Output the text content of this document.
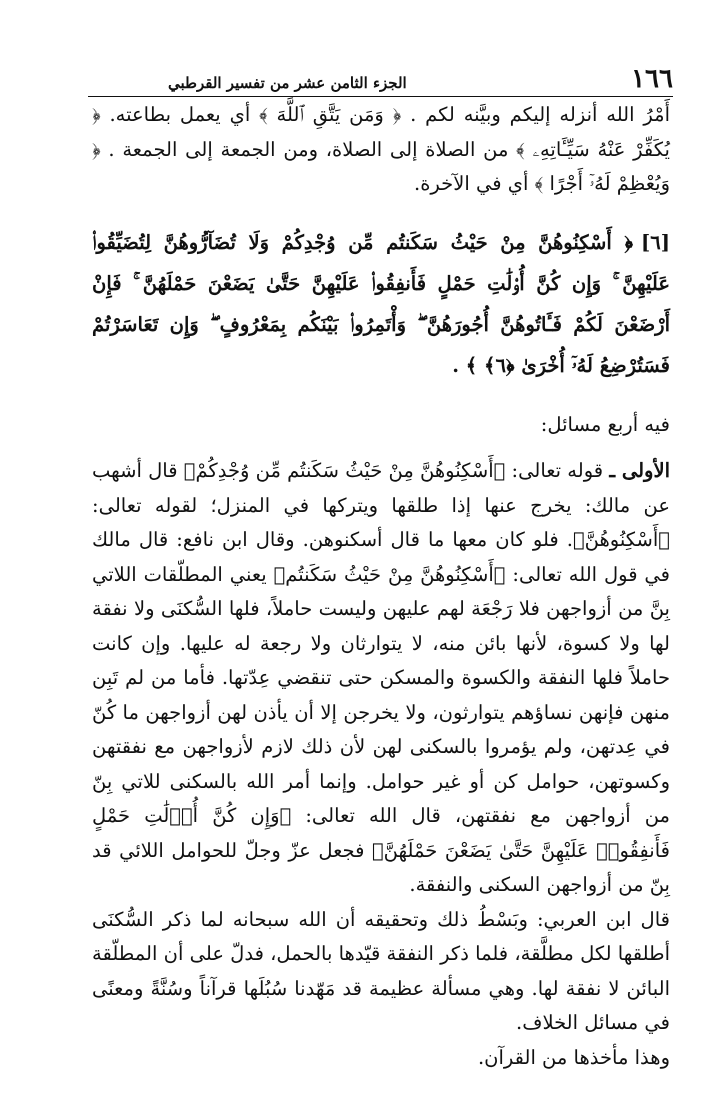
١٦٦
الجزء الثامن عشر من تفسير القرطبي

أَمْرُ الله أنزله إليكم وبيَّنه لكم . ﴿ وَمَن يَتَّقِ ٱللَّهَ ﴾ أي يعمل بطاعته. ﴿ يُكَفِّرْ عَنْهُ سَيِّـَٔاتِهِۦ ﴾ من الصلاة إلى الصلاة، ومن الجمعة إلى الجمعة . ﴿ وَيُعْظِمْ لَهُۥٓ أَجْرًا ﴾ أي في الآخرة.

[٦]﴿ أَسْكِنُوهُنَّ مِنْ حَيْثُ سَكَنتُم مِّن وُجْدِكُمْ وَلَا تُضَآرُّوهُنَّ لِتُضَيِّقُوا۟ عَلَيْهِنَّ ۚ وَإِن كُنَّ أُو۟لَٰتِ حَمْلٍ فَأَنفِقُوا۟ عَلَيْهِنَّ حَتَّىٰ يَضَعْنَ حَمْلَهُنَّ ۚ فَإِنْ أَرْضَعْنَ لَكُمْ فَـَٔاتُوهُنَّ أُجُورَهُنَّ ۖ وَأْتَمِرُوا۟ بَيْنَكُم بِمَعْرُوفٍ ۖ وَإِن تَعَاسَرْتُمْ فَسَتُرْضِعُ لَهُۥٓ أُخْرَىٰ ﴿٦﴾ ﴾ .

فيه أربع مسائل:

الأولى ـ قوله تعالى: ﴿أَسْكِنُوهُنَّ مِنْ حَيْثُ سَكَنتُم مِّن وُجْدِكُمْ﴾ قال أشهب عن مالك: يخرج عنها إذا طلقها ويتركها في المنزل؛ لقوله تعالى: ﴿أَسْكِنُوهُنَّ﴾. فلو كان معها ما قال أسكنوهن. وقال ابن نافع: قال مالك في قول الله تعالى: ﴿أَسْكِنُوهُنَّ مِنْ حَيْثُ سَكَنتُم﴾ يعني المطلّقات اللاتي بِنَّ من أزواجهن فلا رَجْعَة لهم عليهن وليست حاملاً، فلها السُّكنَى ولا نفقة لها ولا كسوة، لأنها بائن منه، لا يتوارثان ولا رجعة له عليها. وإن كانت حاملاً فلها النفقة والكسوة والمسكن حتى تنقضي عِدّتها. فأما من لم تَبِن منهن فإنهن نساؤهم يتوارثون، ولا يخرجن إلا أن يأذن لهن أزواجهن ما كُنّ في عِدتهن، ولم يؤمروا بالسكنى لهن لأن ذلك لازم لأزواجهن مع نفقتهن وكسوتهن، حوامل كن أو غير حوامل. وإنما أمر الله بالسكنى للاتي بِنّ من أزواجهن مع نفقتهن، قال الله تعالى: ﴿وَإِن كُنَّ أُو۟لَٰتِ حَمْلٍ فَأَنفِقُوا۟ عَلَيْهِنَّ حَتَّىٰ يَضَعْنَ حَمْلَهُنَّ﴾ فجعل عزّ وجلّ للحوامل اللائي قد بِنّ من أزواجهن السكنى والنفقة.

قال ابن العربي: وبَسْطُ ذلك وتحقيقه أن الله سبحانه لما ذكر السُّكنَى أطلقها لكل مطلَّقة، فلما ذكر النفقة قيّدها بالحمل، فدلّ على أن المطلّقة البائن لا نفقة لها. وهي مسألة عظيمة قد مَهّدنا سُبُلَها قرآناً وسُنَّةً ومعنًى في مسائل الخلاف.

وهذا مأخذها من القرآن.
